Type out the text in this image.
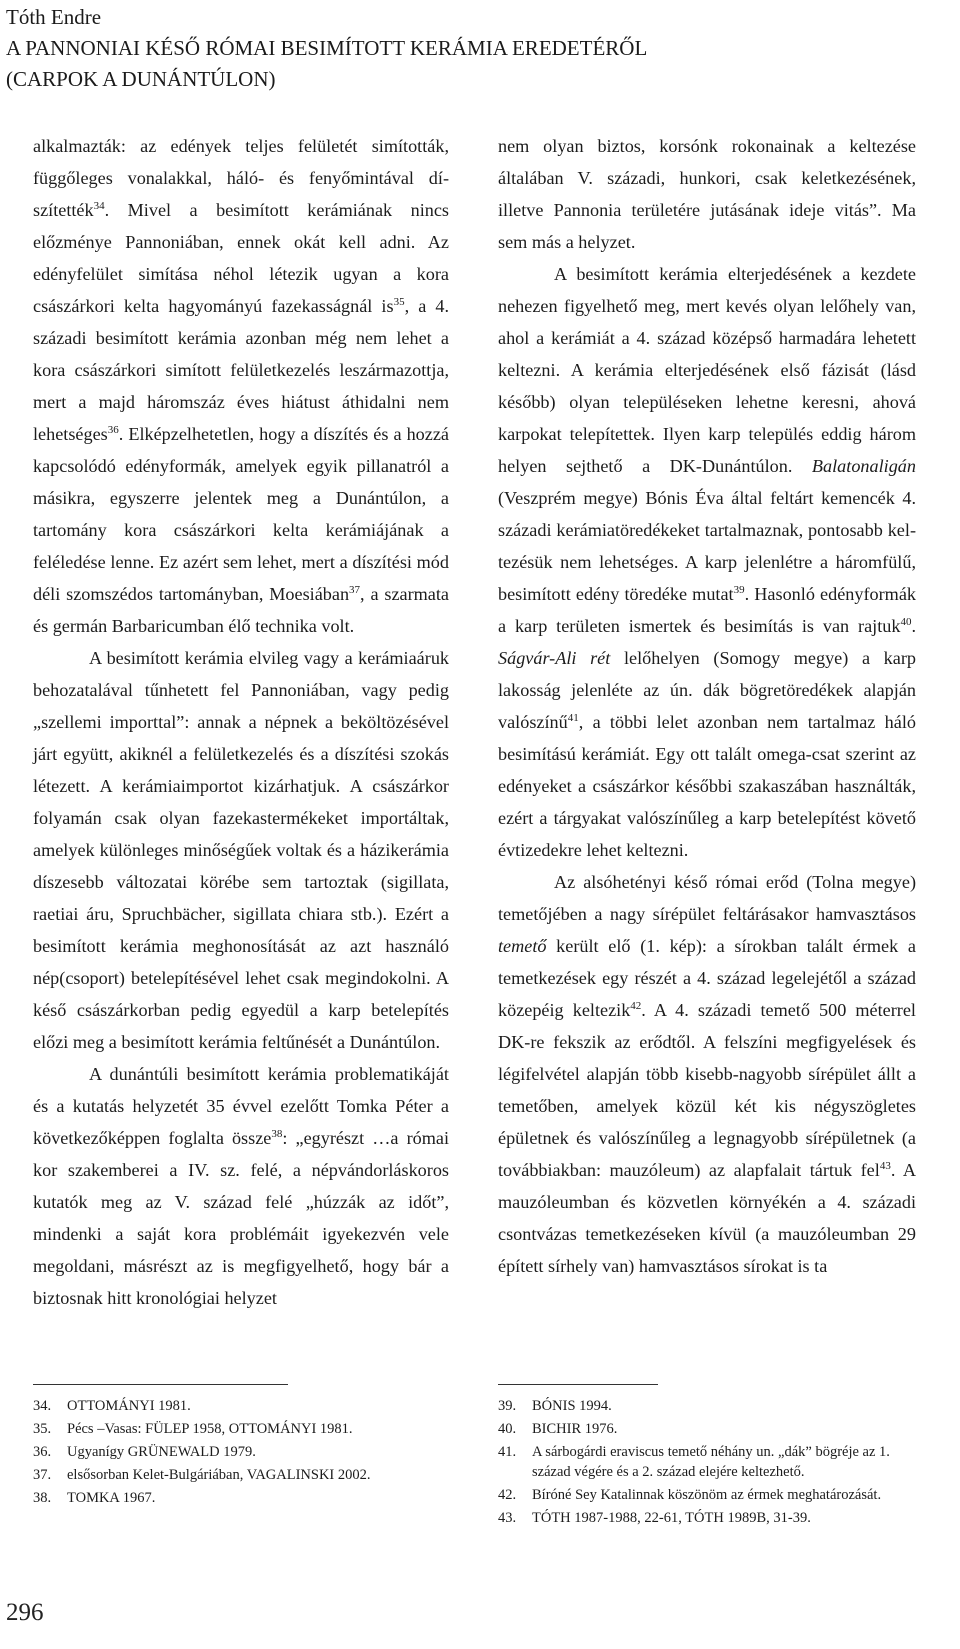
Tóth Endre
A PANNONIAI KÉSŐ RÓMAI BESIMÍTOTT KERÁMIA EREDETÉRŐL
(CARPOK A DUNÁNTÚLON)

alkalmazták: az edények teljes felületét simították, függőleges vonalakkal, háló- és fenyőmintával díszítették$^{34}$. Mivel a besimított kerámiának nincs előzménye Pannoniában, ennek okát kell adni. Az edényfelület simítása néhol létezik ugyan a kora császárkori kelta hagyományú fazekasságnál $is^{35}$, a 4. századi besimított kerámia azonban még nem lehet a kora császárkori simított felületkezelés leszármazottja, mert a majd háromszáz éves hiátust áthidalni nem lehetséges$^{36}$. Elképzelhetetlen, hogy a díszítés és a hozzá kapcsolódó edényformák, amelyek egyik pillanatról a másikra, egyszerre jelentek meg a Dunántúlon, a tartomány kora császárkori kelta kerámiájának a feléledése lenne. Ez azért sem lehet, mert a díszítési mód déli szomszédos tartományban, Moesiában$^{37}$, a szarmata és germán Barbaricumban élő technika volt.

A besimított kerámia elvileg vagy a kerámiaáruk behozatalával tűnhetett fel Pannoniában, vagy pedig „szellemi importtal”: annak a népnek a beköltözésével járt együtt, akiknél a felületkezelés és a díszítési szokás létezett. A kerámiaimportot kizárhatjuk. A császárkor folyamán csak olyan fazekastermékeket importáltak, amelyek különleges minőségűek voltak és a házikerámia díszesebb változatai körébe sem tartoztak (sigillata, raetiai áru, Spruchbächer, sigillata chiara stb.). Ezért a besimított kerámia meghonosítását az azt használó nép(csoport) betelepítésével lehet csak megindokolni. A késő császárkorban pedig egyedül a karp betelepítés előzi meg a besimított kerámia feltűnését a Dunántúlon.

A dunántúli besimított kerámia problematikáját és a kutatás helyzetét 35 évvel ezelőtt Tomka Péter a következőképpen foglalta össze$^{38}$: „egyrészt …a római kor szakemberei a IV. sz. felé, a népvándorláskoros kutatók meg az V. század felé „húzzák az időt”, mindenki a saját kora problémáit igyekezvén vele megoldani, másrészt az is megfigyelhető, hogy bár a biztosnak hitt kronológiai helyzet

nem olyan biztos, korsónk rokonainak a keltezése általában V. századi, hunkori, csak keletkezésének, illetve Pannonia területére jutásának ideje vitás”. Ma sem más a helyzet.

A besimított kerámia elterjedésének a kezdete nehezen figyelhető meg, mert kevés olyan lelőhely van, ahol a kerámiát a 4. század középső harmadára lehetett keltezni. A kerámia elterjedésének első fázisát (lásd később) olyan településeken lehetne keresni, ahová karpokat telepítettek. Ilyen karp település eddig három helyen sejthető a DK-Dunántúlon. Balatonaligán (Veszprém megye) Bónis Éva által feltárt kemencék 4. századi kerámiatöredékeket tartalmaznak, pontosabb keltezésük nem lehetséges. A karp jelenlétre a háromfülű, besimított edény töredéke mutat$^{39}$. Hasonló edényformák a karp területen ismertek és besimítás is van rajtuk$^{40}$. Ságvár-Ali rét lelőhelyen (Somogy megye) a karp lakosság jelenléte az ún. dák bögretöredékek alapján valószínű$^{41}$, a többi lelet azonban nem tartalmaz háló besimítású kerámiát. Egy ott talált omega-csat szerint az edényeket a császárkor későbbi szakaszában használták, ezért a tárgyakat valószínűleg a karp betelepítést követő évtizedekre lehet keltezni.

Az alsóhetényi késő római erőd (Tolna megye) temetőjében a nagy sírépület feltárásakor hamvasztásos temető került elő (1. kép): a sírokban talált érmek a temetkezések egy részét a 4. század legelejétől a század közepéig keltezik$^{42}$. A 4. századi temető 500 méterrel DK-re fekszik az erődtől. A felszíni megfigyelések és légifelvétel alapján több kisebb-nagyobb sírépület állt a temetőben, amelyek közül két kis négyszögletes épületnek és valószínűleg a legnagyobb sírépületnek (a továbbiakban: mauzóleum) az alapfalait tártuk fel$^{43}$. A mauzóleumban és közvetlen környékén a 4. századi csontvázas temetkezéseken kívül (a mauzóleumban 29 épített sírhely van) hamvasztásos sírokat is ta

34.	OTTOMÁNYI 1981.
35.	Pécs –Vasas: FÜLEP 1958, OTTOMÁNYI 1981.
36.	Ugyanígy GRÜNEWALD 1979.
37.	elsősorban Kelet-Bulgáriában, VAGALINSKI 2002.
38.	TOMKA 1967.
39.	BÓNIS 1994.
40.	BICHIR 1976.
41.	A sárbogárdi eraviscus temető néhány un. „dák” bögréje az 1. század végére és a 2. század elejére keltezhető.
42.	Bíróné Sey Katalinnak köszönöm az érmek meghatározását.
43.	TÓTH 1987-1988, 22-61, TÓTH 1989B, 31-39.
296
